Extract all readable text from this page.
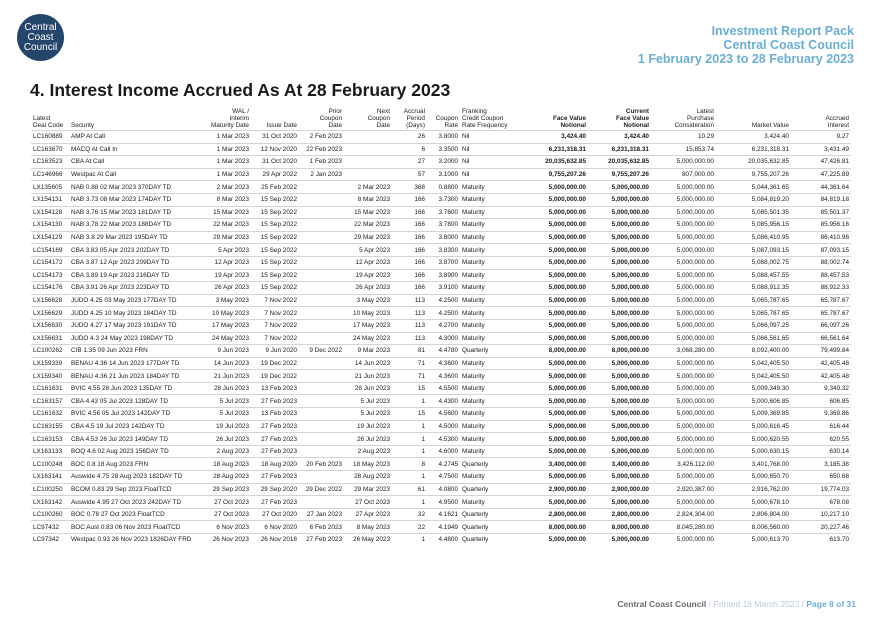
Central
Coast
Council
Investment Report Pack
Central Coast Council
1 February 2023 to 28 February 2023
4. Interest Income Accrued As At 28 February 2023
Latest
Deal Code	Security	WAL /
Interim
Maturity Date	Issue Date	Prior
Coupon
Date	Next
Coupon
Date	Accrual
Period
(Days)	Coupon
Rate	Franking
Credit Coupon
Rate Frequency	Face Value
Notional	Current
Face Value
Notional	Latest
Purchase
Consideration	Market Value	Accrued
Interest
LC160889	AMP At Call	1 Mar 2023	31 Oct 2020	2 Feb 2023		26	3.8000	Nil	3,424.40	3,424.40	10.29	3,424.40	9.27
LC163670	MACQ At Call In	1 Mar 2023	12 Nov 2020	22 Feb 2023		6	3.3500	Nil	6,231,318.31	6,231,318.31	15,853.74	6,231,318.31	3,431.49
LC163523	CBA At Call	1 Mar 2023	31 Oct 2020	1 Feb 2023		27	3.2000	Nil	20,035,632.85	20,035,632.85	5,000,000.00	20,035,632.85	47,426.81
LC146966	Westpac At Call	1 Mar 2023	29 Apr 2022	2 Jan 2023		57	3.1000	Nil	9,755,207.26	9,755,207.26	807,000.00	9,755,207.26	47,225.89
LX135605	NAB 0.88 02 Mar 2023 370DAY TD	2 Mar 2023	25 Feb 2022		2 Mar 2023	368	0.8800	Maturity	5,000,000.00	5,000,000.00	5,000,000.00	5,044,361.65	44,361.64
LX154131	NAB 3.73 08 Mar 2023 174DAY TD	8 Mar 2023	15 Sep 2022		8 Mar 2023	166	3.7300	Maturity	5,000,000.00	5,000,000.00	5,000,000.00	5,084,819.20	84,819.18
LX154128	NAB 3.76 15 Mar 2023 181DAY TD	15 Mar 2023	15 Sep 2022		15 Mar 2023	166	3.7600	Maturity	5,000,000.00	5,000,000.00	5,000,000.00	5,085,501.35	85,501.37
LX154130	NAB 3.78 22 Mar 2023 188DAY TD	22 Mar 2023	15 Sep 2022		22 Mar 2023	166	3.7800	Maturity	5,000,000.00	5,000,000.00	5,000,000.00	5,085,956.15	85,956.16
LX154129	NAB 3.8 29 Mar 2023 195DAY TD	29 Mar 2023	15 Sep 2022		29 Mar 2023	166	3.8000	Maturity	5,000,000.00	5,000,000.00	5,000,000.00	5,086,410.95	86,410.96
LC154169	CBA 3.83 05 Apr 2023 202DAY TD	5 Apr 2023	15 Sep 2022		5 Apr 2023	166	3.8300	Maturity	5,000,000.00	5,000,000.00	5,000,000.00	5,087,093.15	87,093.15
LC154172	CBA 3.87 12 Apr 2023 209DAY TD	12 Apr 2023	15 Sep 2022		12 Apr 2023	166	3.8700	Maturity	5,000,000.00	5,000,000.00	5,000,000.00	5,088,002.75	88,002.74
LC154173	CBA 3.89 19 Apr 2023 216DAY TD	19 Apr 2023	15 Sep 2022		19 Apr 2023	166	3.8900	Maturity	5,000,000.00	5,000,000.00	5,000,000.00	5,088,457.55	88,457.53
LC154176	CBA 3.91 26 Apr 2023 223DAY TD	26 Apr 2023	15 Sep 2022		26 Apr 2023	166	3.9100	Maturity	5,000,000.00	5,000,000.00	5,000,000.00	5,088,912.35	88,912.33
LX156628	JUDO 4.25 03 May 2023 177DAY TD	3 May 2023	7 Nov 2022		3 May 2023	113	4.2500	Maturity	5,000,000.00	5,000,000.00	5,000,000.00	5,065,787.65	65,787.67
LX156629	JUDO 4.25 10 May 2023 184DAY TD	10 May 2023	7 Nov 2022		10 May 2023	113	4.2500	Maturity	5,000,000.00	5,000,000.00	5,000,000.00	5,065,787.65	65,787.67
LX156630	JUDO 4.27 17 May 2023 191DAY TD	17 May 2023	7 Nov 2022		17 May 2023	113	4.2700	Maturity	5,000,000.00	5,000,000.00	5,000,000.00	5,066,097.25	66,097.26
LX156631	JUDO 4.3 24 May 2023 198DAY TD	24 May 2023	7 Nov 2022		24 May 2023	113	4.3000	Maturity	5,000,000.00	5,000,000.00	5,000,000.00	5,066,561.65	66,561.64
LC100262	CIB 1.35 09 Jun 2023 FRN	9 Jun 2023	9 Jun 2020	9 Dec 2022	9 Mar 2023	81	4.4780	Quarterly	8,000,000.00	8,000,000.00	3,068,280.00	8,092,400.00	79,499.84
LX159339	BENAU 4.36 14 Jun 2023 177DAY TD	14 Jun 2023	19 Dec 2022		14 Jun 2023	71	4.3600	Maturity	5,000,000.00	5,000,000.00	5,000,000.00	5,042,405.50	42,405.48
LX159340	BENAU 4.36 21 Jun 2023 184DAY TD	21 Jun 2023	19 Dec 2022		21 Jun 2023	71	4.3600	Maturity	5,000,000.00	5,000,000.00	5,000,000.00	5,042,405.50	42,405.48
LC161631	BVIC 4.55 28 Jun 2023 135DAY TD	28 Jun 2023	13 Feb 2023		28 Jun 2023	15	4.5500	Maturity	5,000,000.00	5,000,000.00	5,000,000.00	5,009,349.30	9,349.32
LC163157	CBA 4.43 05 Jul 2023 128DAY TD	5 Jul 2023	27 Feb 2023		5 Jul 2023	1	4.4300	Maturity	5,000,000.00	5,000,000.00	5,000,000.00	5,000,606.85	606.85
LC161632	BVIC 4.56 05 Jul 2023 142DAY TD	5 Jul 2023	13 Feb 2023		5 Jul 2023	15	4.5600	Maturity	5,000,000.00	5,000,000.00	5,000,000.00	5,009,369.85	9,369.86
LC163155	CBA 4.5 19 Jul 2023 142DAY TD	19 Jul 2023	27 Feb 2023		19 Jul 2023	1	4.5000	Maturity	5,000,000.00	5,000,000.00	5,000,000.00	5,000,616.45	616.44
LC163153	CBA 4.53 26 Jul 2023 149DAY TD	26 Jul 2023	27 Feb 2023		26 Jul 2023	1	4.5300	Maturity	5,000,000.00	5,000,000.00	5,000,000.00	5,000,620.55	620.55
LX163133	BOQ 4.6 02 Aug 2023 156DAY TD	2 Aug 2023	27 Feb 2023		2 Aug 2023	1	4.6000	Maturity	5,000,000.00	5,000,000.00	5,000,000.00	5,000,630.15	630.14
LC100248	BOC 0.8 18 Aug 2023 FRN	18 Aug 2023	18 Aug 2020	20 Feb 2023	18 May 2023	8	4.2745	Quarterly	3,400,000.00	3,400,000.00	3,426,112.00	3,401,768.00	3,185.38
LX163141	Auswide 4.75 28 Aug 2023 182DAY TD	28 Aug 2023	27 Feb 2023		28 Aug 2023	1	4.7500	Maturity	5,000,000.00	5,000,000.00	5,000,000.00	5,000,650.70	650.68
LC100250	BCOM 0.83 29 Sep 2023 FloatTCD	29 Sep 2023	29 Sep 2020	29 Dec 2022	29 Mar 2023	61	4.0800	Quarterly	2,900,000.00	2,900,000.00	2,920,387.00	2,916,762.00	19,774.03
LX163142	Auswide 4.95 27 Oct 2023 242DAY TD	27 Oct 2023	27 Feb 2023		27 Oct 2023	1	4.9500	Maturity	5,000,000.00	5,000,000.00	5,000,000.00	5,000,678.10	678.08
LC100260	BOC 0.78 27 Oct 2023 FloatTCD	27 Oct 2023	27 Oct 2020	27 Jan 2023	27 Apr 2023	32	4.1621	Quarterly	2,800,000.00	2,800,000.00	2,824,304.00	2,806,804.00	10,217.10
LC97432	BOC Aust 0.83 06 Nov 2023 FloatTCD	6 Nov 2023	6 Nov 2020	6 Feb 2023	8 May 2023	22	4.1949	Quarterly	8,000,000.00	8,000,000.00	8,045,280.00	8,006,560.00	20,227.46
LC97342	Westpac 0.93 26 Nov 2023 1826DAY FRD	26 Nov 2023	26 Nov 2018	27 Feb 2023	26 May 2023	1	4.4800	Quarterly	5,000,000.00	5,000,000.00	5,000,000.00	5,000,613.70	613.70
Central Coast Council / Printed 16 March 2023 / Page 8 of 31
